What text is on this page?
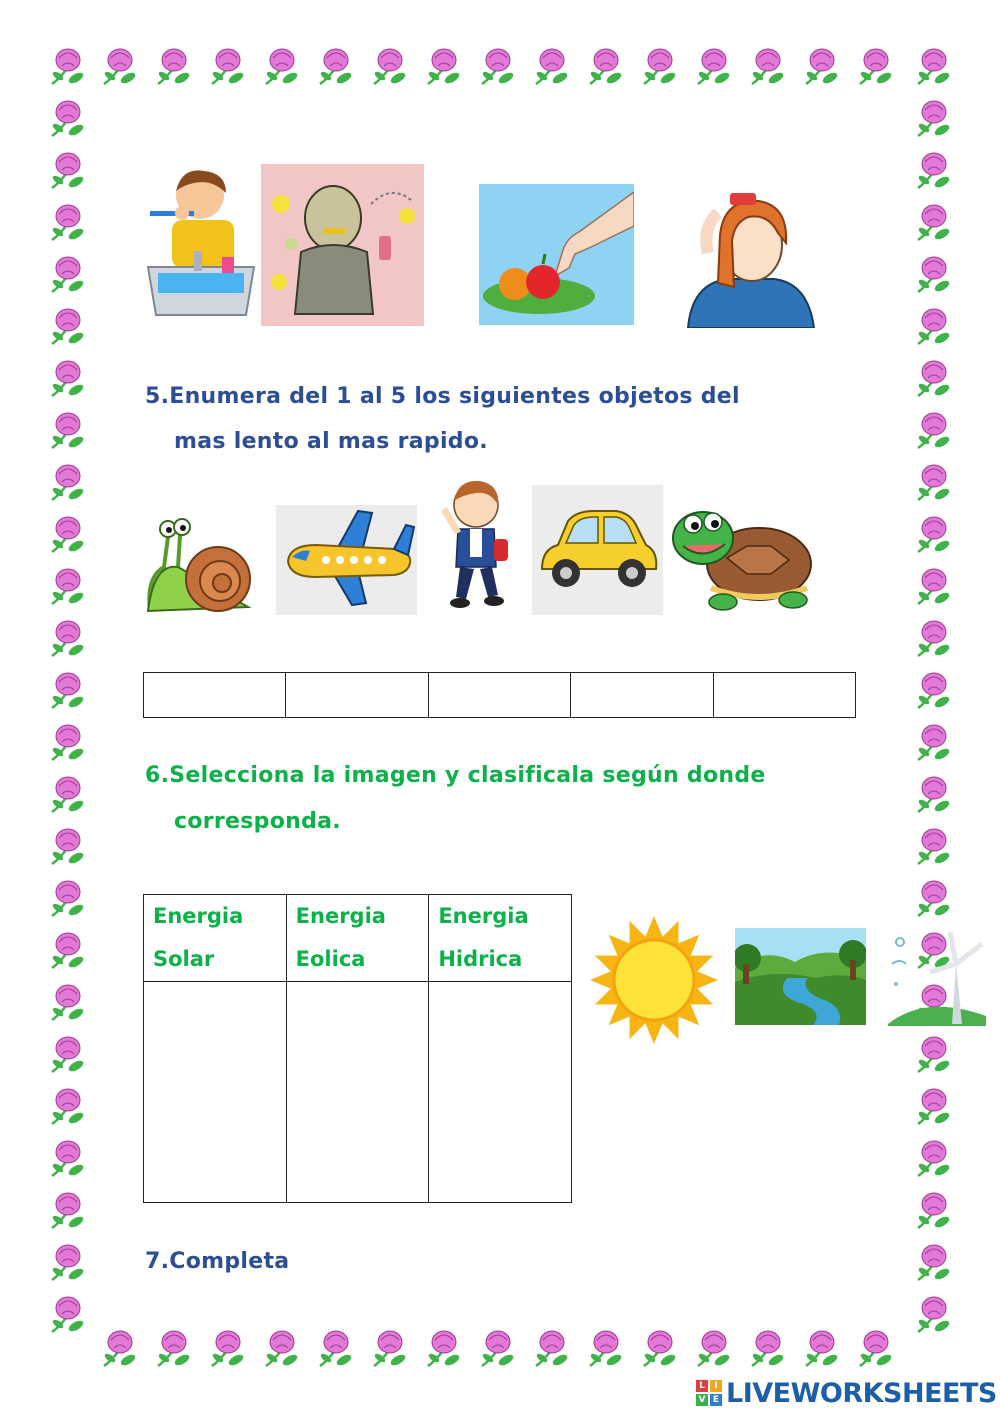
5.Enumera del 1 al 5 los siguientes objetos del

mas lento al mas rapido.

6.Selecciona la imagen y clasificala según donde

corresponda.

Energia
Solar	Energia
Eolica	Energia
Hidrica

7.Completa

L	I
V E LIVEWORKSHEETS
